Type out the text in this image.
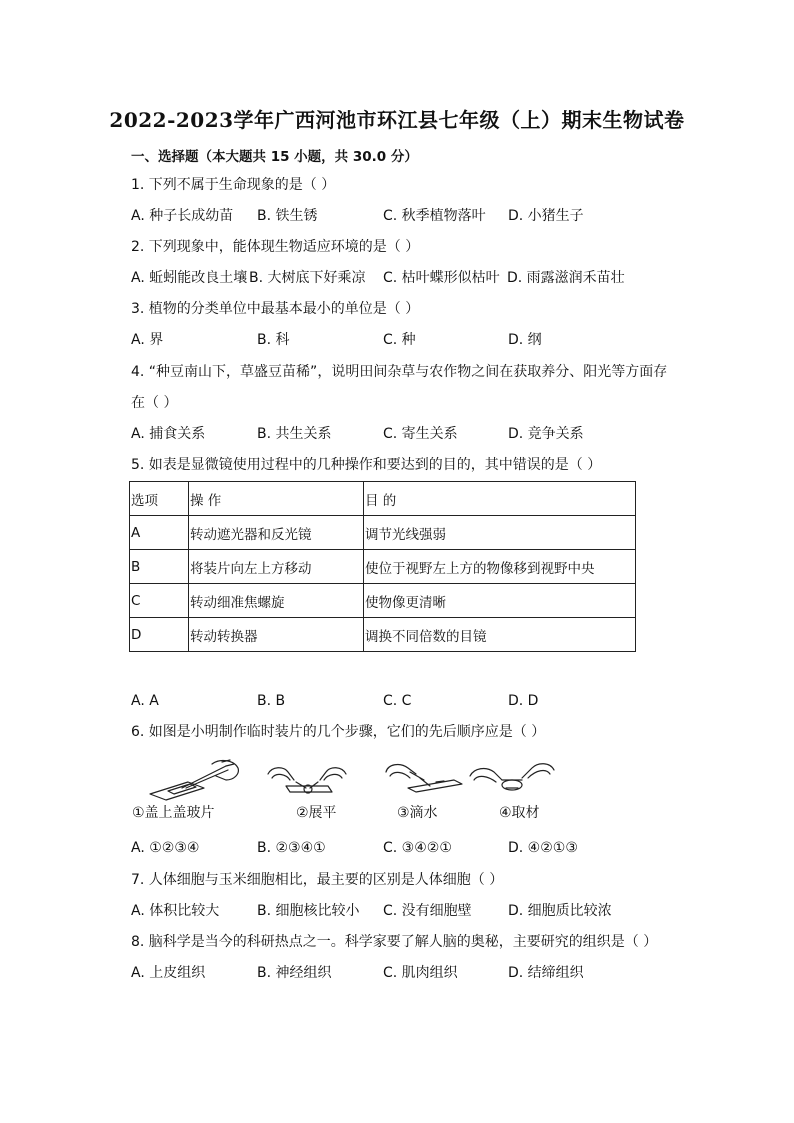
2022-2023学年广西河池市环江县七年级（上）期末生物试卷
一、选择题（本大题共 15 小题，共 30.0 分）
1. 下列不属于生命现象的是（ ）
A. 种子长成幼苗 B. 铁生锈	C. 秋季植物落叶 D. 小猪生子
2. 下列现象中，能体现生物适应环境的是（ ）
A. 蚯蚓能改良土壤 B. 大树底下好乘凉 C. 枯叶蝶形似枯叶 D. 雨露滋润禾苗壮
3. 植物的分类单位中最基本最小的单位是（ ）
A. 界	B. 科	C. 种	D. 纲
4. “种豆南山下，草盛豆苗稀”，说明田间杂草与农作物之间在获取养分、阳光等方面存
在（ ）
A. 捕食关系	B. 共生关系	C. 寄生关系	D. 竞争关系
5. 如表是显微镜使用过程中的几种操作和要达到的目的，其中错误的是（ ）
选项	操 作	目 的
A	转动遮光器和反光镜	调节光线强弱
B	将装片向左上方移动	使位于视野左上方的物像移到视野中央
C	转动细准焦螺旋	使物像更清晰
D	转动转换器	调换不同倍数的目镜
A. A	B. B	C. C	D. D
6. 如图是小明制作临时装片的几个步骤，它们的先后顺序应是（ ）
①盖上盖玻片	②展平	③滴水	④取材
A. ①②③④	B. ②③④①	C. ③④②①	D. ④②①③
7. 人体细胞与玉米细胞相比，最主要的区别是人体细胞（ ）
A. 体积比较大	B. 细胞核比较小 C. 没有细胞壁	D. 细胞质比较浓
8. 脑科学是当今的科研热点之一。科学家要了解人脑的奥秘，主要研究的组织是（ ）
A. 上皮组织	B. 神经组织	C. 肌肉组织	D. 结缔组织
